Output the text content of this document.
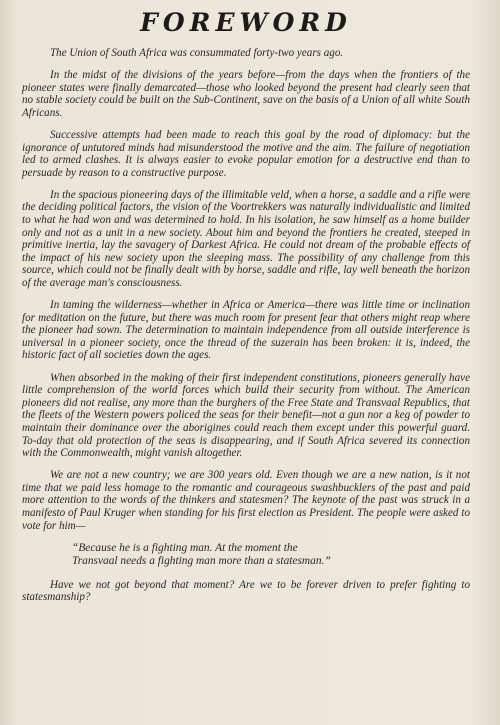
FOREWORD

The Union of South Africa was consummated forty-two years ago.

In the midst of the divisions of the years before—from the days when the frontiers of the pioneer states were finally demarcated—those who looked beyond the present had clearly seen that no stable society could be built on the Sub-Continent, save on the basis of a Union of all white South Africans.

Successive attempts had been made to reach this goal by the road of diplomacy: but the ignorance of untutored minds had misunderstood the motive and the aim. The failure of negotiation led to armed clashes. It is always easier to evoke popular emotion for a destructive end than to persuade by reason to a constructive purpose.

In the spacious pioneering days of the illimitable veld, when a horse, a saddle and a rifle were the deciding political factors, the vision of the Voortrekkers was naturally individualistic and limited to what he had won and was determined to hold. In his isolation, he saw himself as a home builder only and not as a unit in a new society. About him and beyond the frontiers he created, steeped in primitive inertia, lay the savagery of Darkest Africa. He could not dream of the probable effects of the impact of his new society upon the sleeping mass. The possibility of any challenge from this source, which could not be finally dealt with by horse, saddle and rifle, lay well beneath the horizon of the average man's consciousness.

In taming the wilderness—whether in Africa or America—there was little time or inclination for meditation on the future, but there was much room for present fear that others might reap where the pioneer had sown. The determination to maintain independence from all outside interference is universal in a pioneer society, once the thread of the suzerain has been broken: it is, indeed, the historic fact of all societies down the ages.

When absorbed in the making of their first independent constitutions, pioneers generally have little comprehension of the world forces which build their security from without. The American pioneers did not realise, any more than the burghers of the Free State and Transvaal Republics, that the fleets of the Western powers policed the seas for their benefit—not a gun nor a keg of powder to maintain their dominance over the aborigines could reach them except under this powerful guard. To-day that old protection of the seas is disappearing, and if South Africa severed its connection with the Commonwealth, might vanish altogether.

We are not a new country; we are 300 years old. Even though we are a new nation, is it not time that we paid less homage to the romantic and courageous swashbucklers of the past and paid more attention to the words of the thinkers and statesmen? The keynote of the past was struck in a manifesto of Paul Kruger when standing for his first election as President. The people were asked to vote for him—

“Because he is a fighting man. At the moment the
Transvaal needs a fighting man more than a statesman.”

Have we not got beyond that moment? Are we to be forever driven to prefer fighting to statesmanship?
